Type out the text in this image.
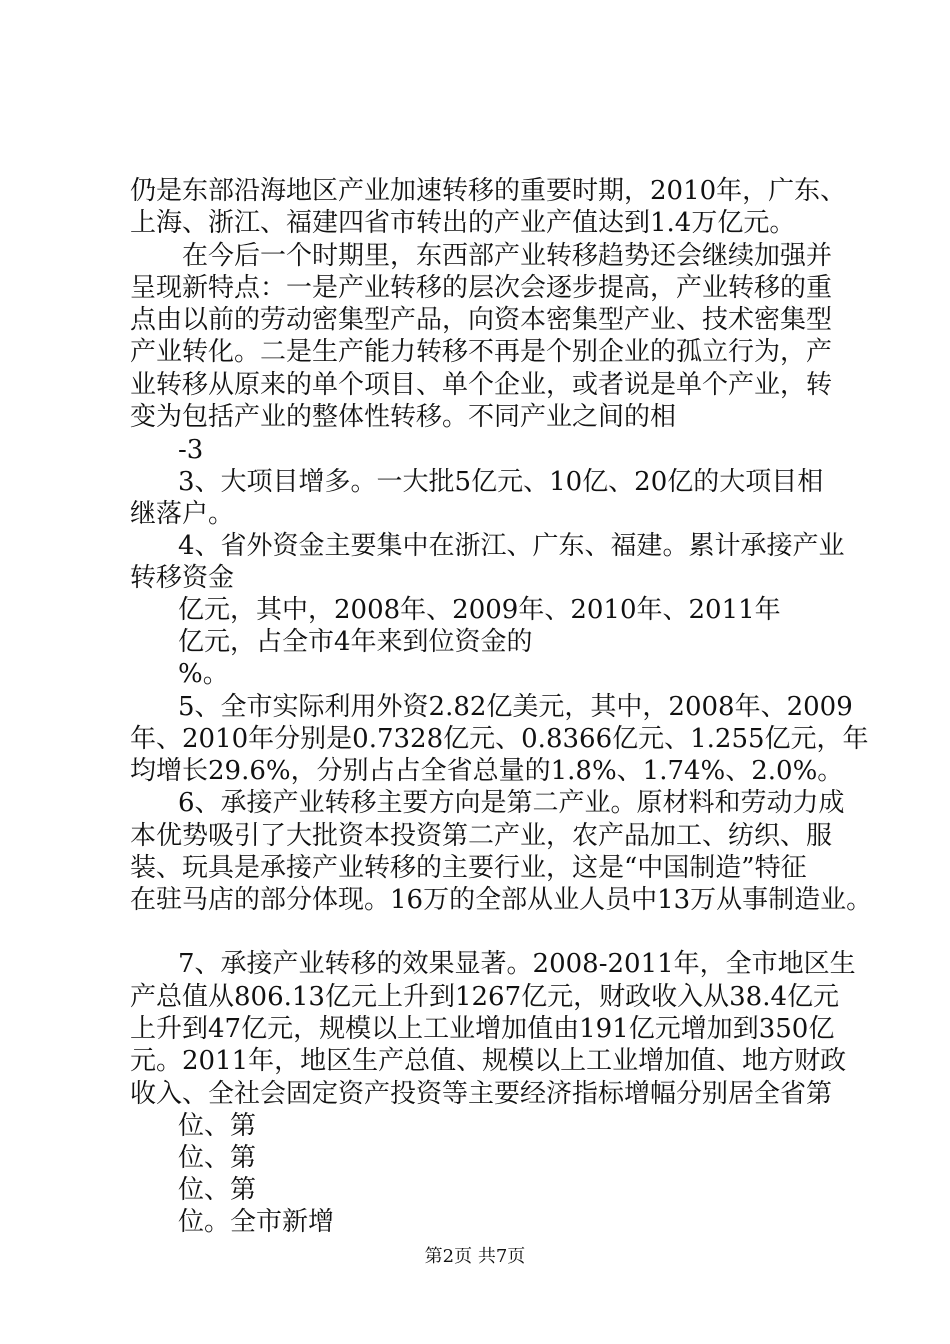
仍是东部沿海地区产业加速转移的重要时期，2010年，广东、
上海、浙江、福建四省市转出的产业产值达到1.4万亿元。
在今后一个时期里，东西部产业转移趋势还会继续加强并
呈现新特点：一是产业转移的层次会逐步提高，产业转移的重
点由以前的劳动密集型产品，向资本密集型产业、技术密集型
产业转化。二是生产能力转移不再是个别企业的孤立行为，产
业转移从原来的单个项目、单个企业，或者说是单个产业，转
变为包括产业的整体性转移。不同产业之间的相
-3
3、大项目增多。一大批5亿元、10亿、20亿的大项目相
继落户。
4、省外资金主要集中在浙江、广东、福建。累计承接产业
转移资金
亿元，其中，2008年、2009年、2010年、2011年
亿元，占全市4年来到位资金的
%。
5、全市实际利用外资2.82亿美元，其中，2008年、2009
年、2010年分别是0.7328亿元、0.8366亿元、1.255亿元，年
均增长29.6%，分别占占全省总量的1.8%、1.74%、2.0%。
6、承接产业转移主要方向是第二产业。原材料和劳动力成
本优势吸引了大批资本投资第二产业，农产品加工、纺织、服
装、玩具是承接产业转移的主要行业，这是“中国制造”特征
在驻马店的部分体现。16万的全部从业人员中13万从事制造业。
7、承接产业转移的效果显著。2008-2011年，全市地区生
产总值从806.13亿元上升到1267亿元，财政收入从38.4亿元
上升到47亿元，规模以上工业增加值由191亿元增加到350亿
元。2011年，地区生产总值、规模以上工业增加值、地方财政
收入、全社会固定资产投资等主要经济指标增幅分别居全省第
位、第
位、第
位、第
位。全市新增
第2页 共7页
